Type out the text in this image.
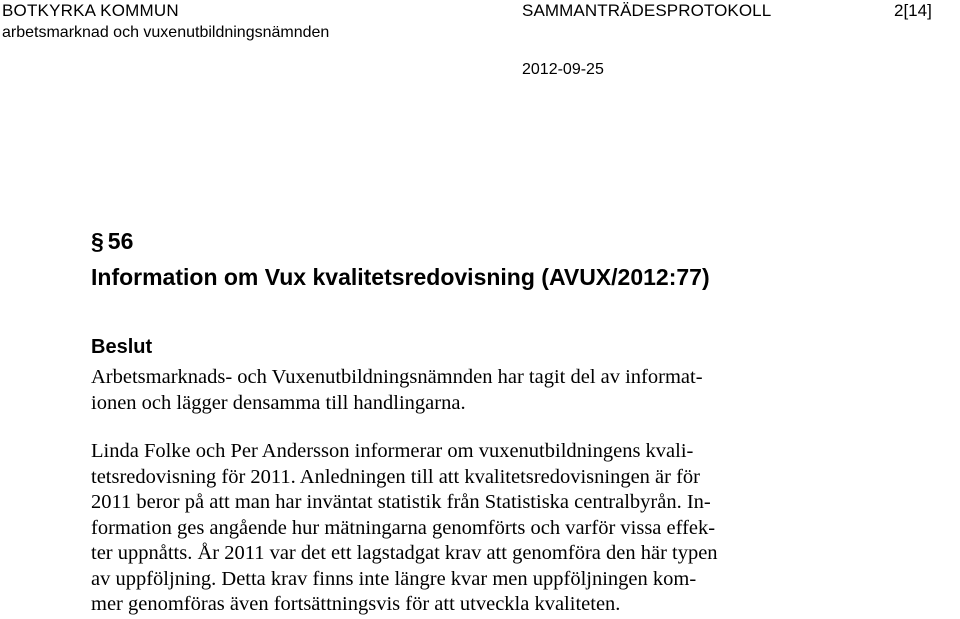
BOTKYRKA KOMMUN
arbetsmarknad och vuxenutbildningsnämnden
SAMMANTRÄDESPROTOKOLL	2[14]
2012-09-25
§ 56
Information om Vux kvalitetsredovisning (AVUX/2012:77)
Beslut

Arbetsmarknads- och Vuxenutbildningsnämnden har tagit del av informat-
ionen och lägger densamma till handlingarna.

Linda Folke och Per Andersson informerar om vuxenutbildningens kvali-
tetsredovisning för 2011. Anledningen till att kvalitetsredovisningen är för
2011 beror på att man har inväntat statistik från Statistiska centralbyrån. In-
formation ges angående hur mätningarna genomförts och varför vissa effek-
ter uppnåtts. År 2011 var det ett lagstadgat krav att genomföra den här typen
av uppföljning. Detta krav finns inte längre kvar men uppföljningen kom-
mer genomföras även fortsättningsvis för att utveckla kvaliteten.
